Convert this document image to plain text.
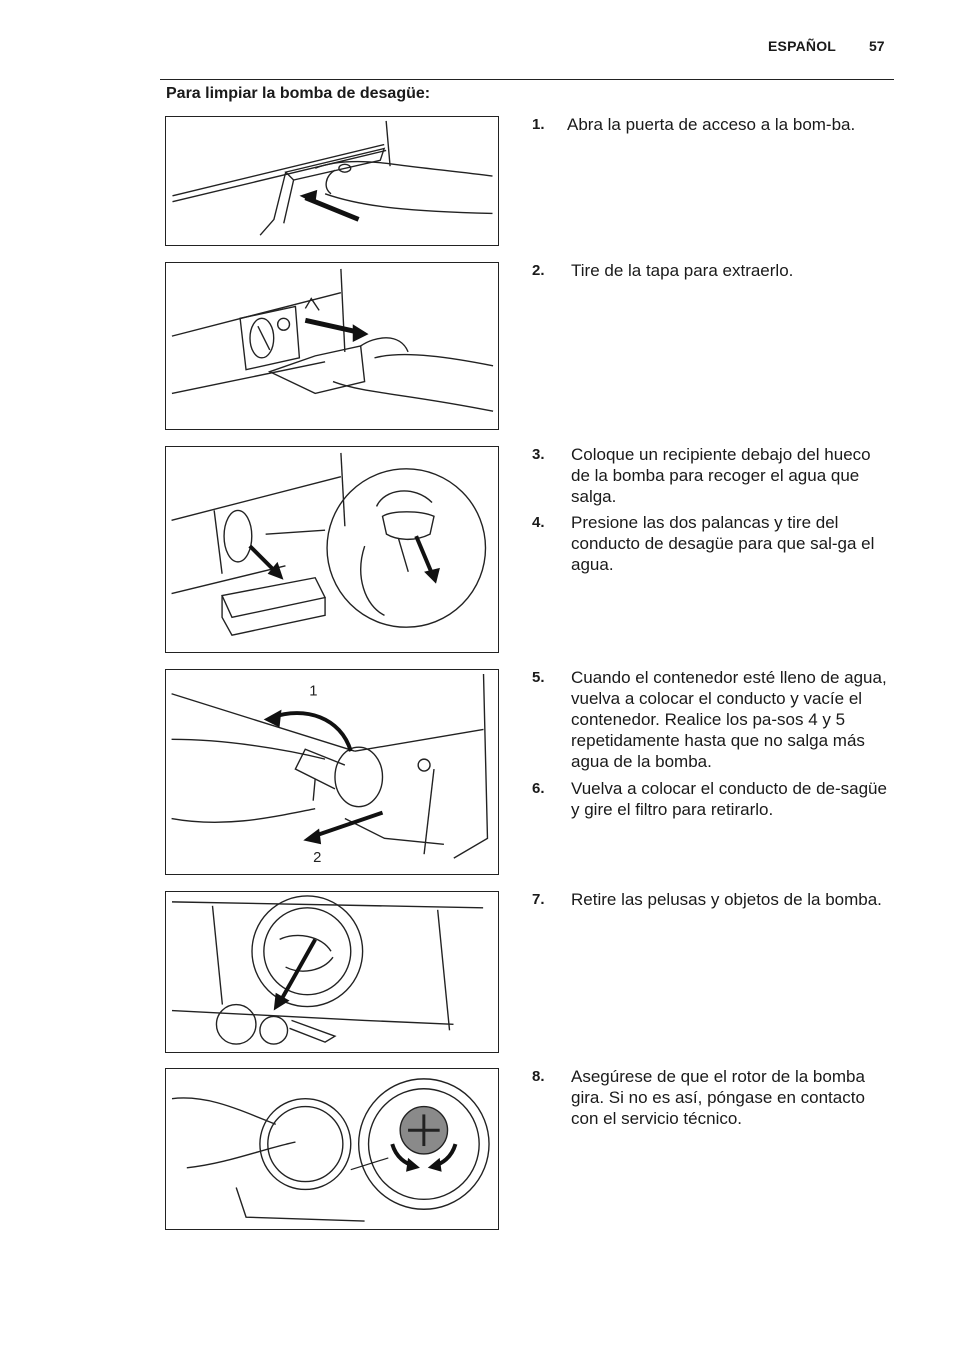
ESPAÑOL 57
Para limpiar la bomba de desagüe:
1
2
1. Abra la puerta de acceso a la bom-ba.
2. Tire de la tapa para extraerlo.
3. Coloque un recipiente debajo del hueco de la bomba para recoger el agua que salga.
4. Presione las dos palancas y tire del conducto de desagüe para que sal-ga el agua.
5. Cuando el contenedor esté lleno de agua, vuelva a colocar el conducto y vacíe el contenedor. Realice los pa-sos 4 y 5 repetidamente hasta que no salga más agua de la bomba.
6. Vuelva a colocar el conducto de de-sagüe y gire el filtro para retirarlo.
7. Retire las pelusas y objetos de la bomba.
8. Asegúrese de que el rotor de la bomba gira. Si no es así, póngase en contacto con el servicio técnico.
